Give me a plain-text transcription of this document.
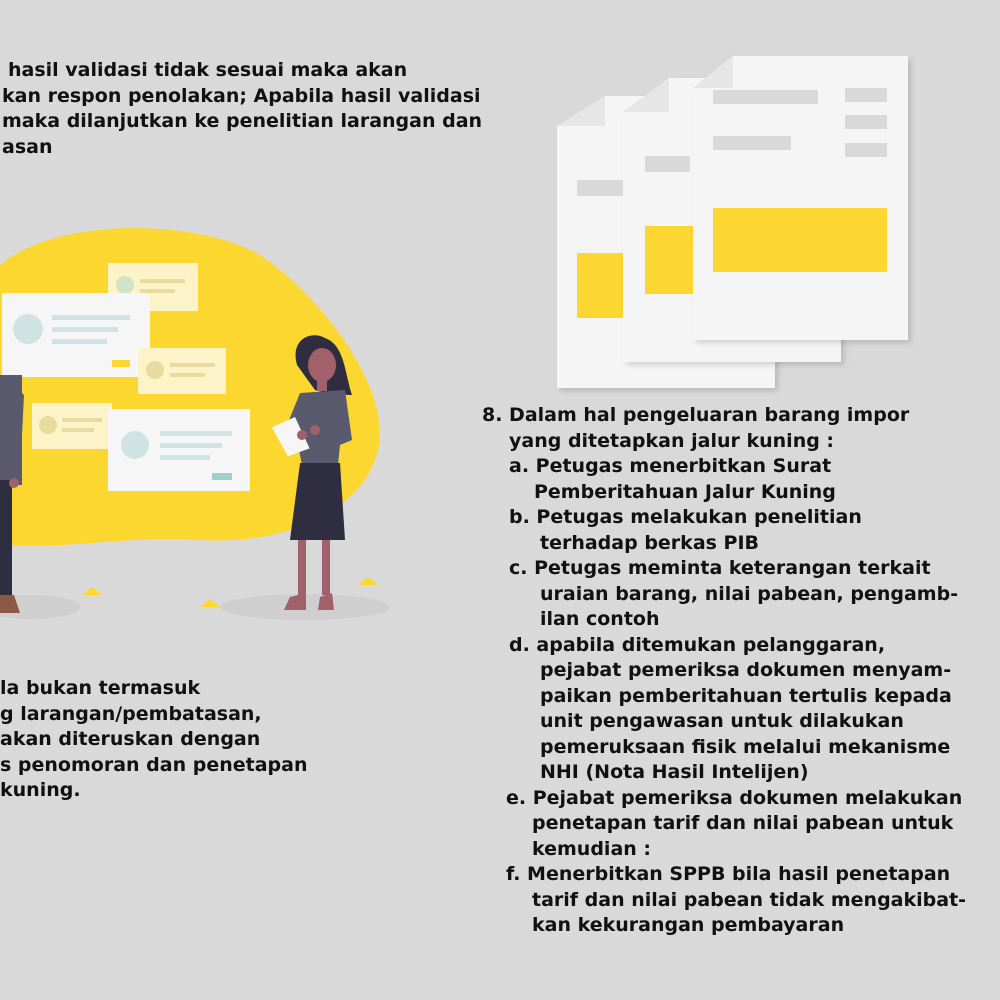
hasil validasi tidak sesuai maka akan
kan respon penolakan; Apabila hasil validasi
maka dilanjutkan ke penelitian larangan dan
asan
la bukan termasuk
g larangan/pembatasan,
akan diteruskan dengan
s penomoran dan penetapan
kuning.
8. Dalam hal pengeluaran barang impor
yang ditetapkan jalur kuning :
a. Petugas menerbitkan Surat
Pemberitahuan Jalur Kuning
b. Petugas melakukan penelitian
terhadap berkas PIB
c. Petugas meminta keterangan terkait
uraian barang, nilai pabean, pengamb-
ilan contoh
d. apabila ditemukan pelanggaran,
pejabat pemeriksa dokumen menyam-
paikan pemberitahuan tertulis kepada
unit pengawasan untuk dilakukan
pemeruksaan fisik melalui mekanisme
NHI (Nota Hasil Intelijen)
e. Pejabat pemeriksa dokumen melakukan
penetapan tarif dan nilai pabean untuk
kemudian :
f. Menerbitkan SPPB bila hasil penetapan
tarif dan nilai pabean tidak mengakibat-
kan kekurangan pembayaran
